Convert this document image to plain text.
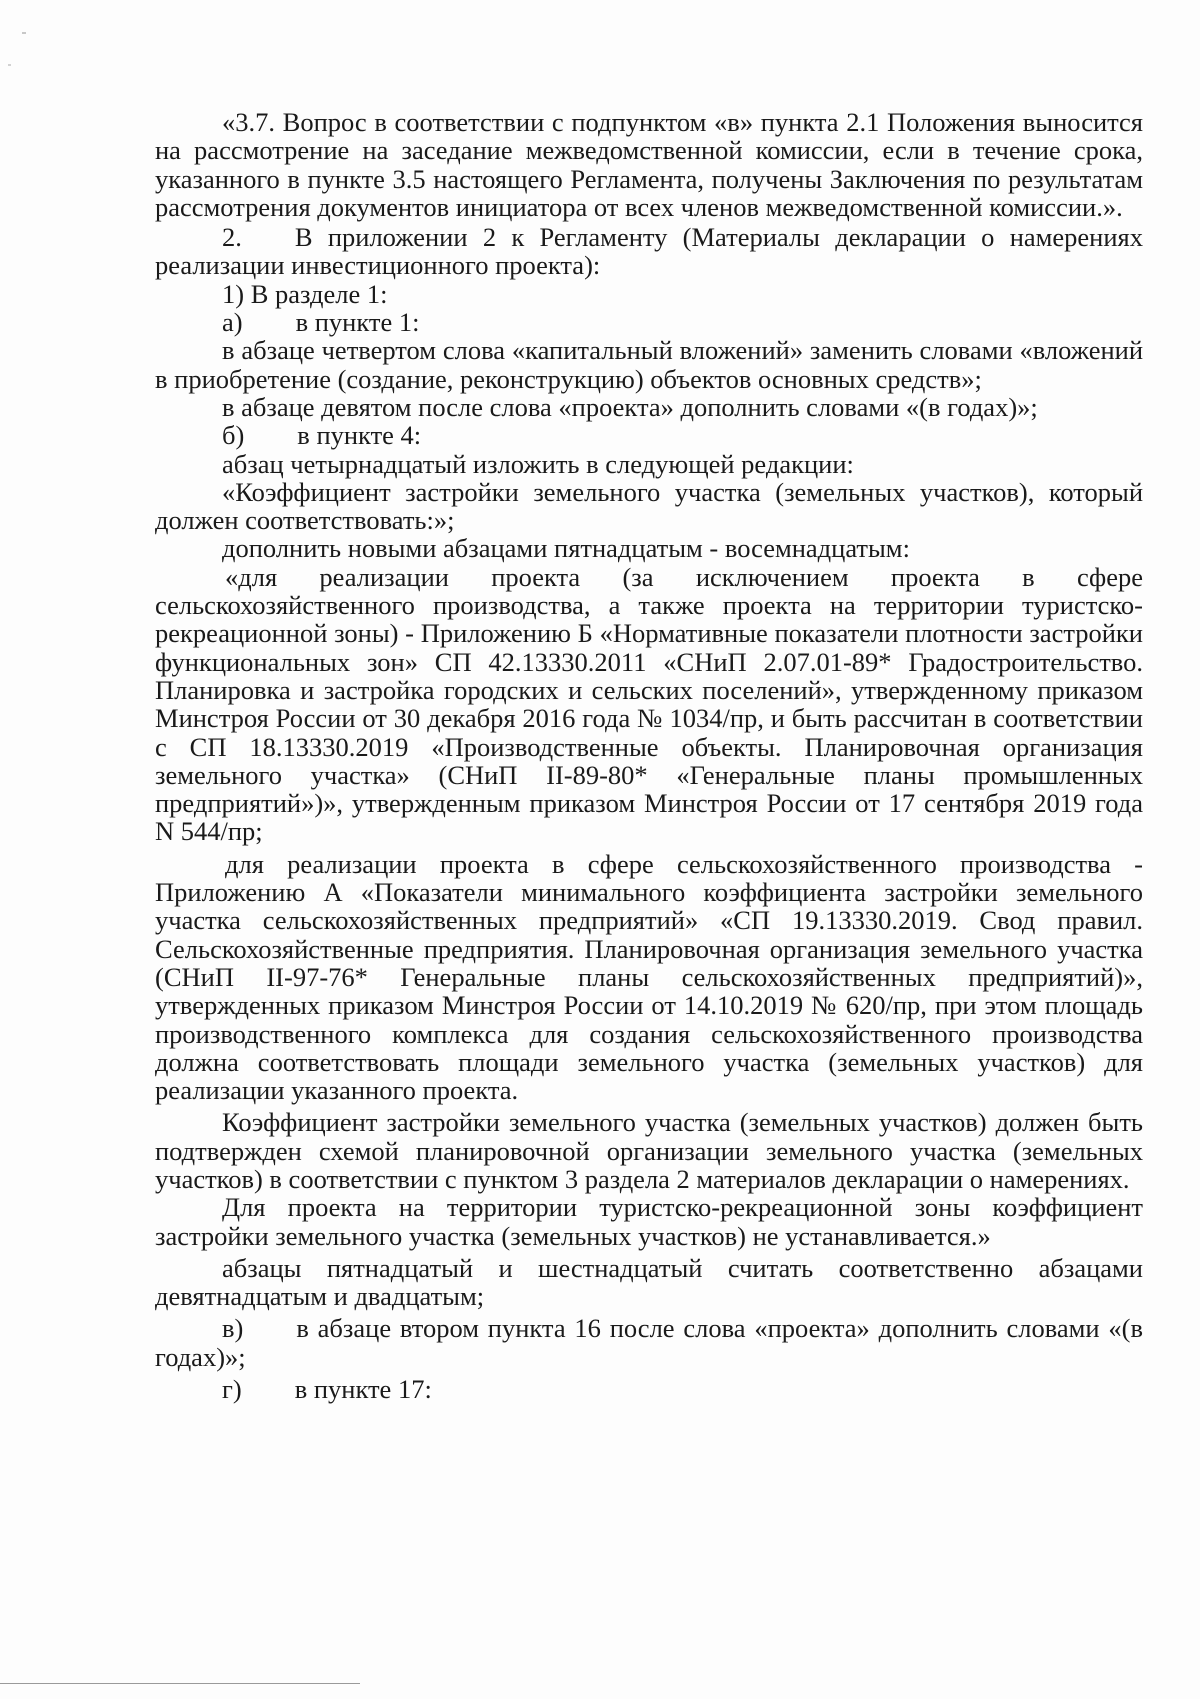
«3.7. Вопрос в соответствии с подпунктом «в» пункта 2.1 Положения выносится на рассмотрение на заседание межведомственной комиссии, если в течение срока, указанного в пункте 3.5 настоящего Регламента, получены Заключения по результатам рассмотрения документов инициатора от всех членов межведомственной комиссии.».

2.  В приложении 2 к Регламенту (Материалы декларации о намерениях реализации инвестиционного проекта):

1) В разделе 1:

а)  в пункте 1:

в абзаце четвертом слова «капитальный вложений» заменить словами «вложений в приобретение (создание, реконструкцию) объектов основных средств»;

в абзаце девятом после слова «проекта» дополнить словами «(в годах)»;

б)  в пункте 4:

абзац четырнадцатый изложить в следующей редакции:

«Коэффициент застройки земельного участка (земельных участков), который должен соответствовать:»;

дополнить новыми абзацами пятнадцатым - восемнадцатым:

«для реализации проекта (за исключением проекта в сфере сельскохозяйственного производства, а также проекта на территории туристско-рекреационной зоны) - Приложению Б «Нормативные показатели плотности застройки функциональных зон» СП 42.13330.2011 «СНиП 2.07.01-89* Градостроительство. Планировка и застройка городских и сельских поселений», утвержденному приказом Минстроя России от 30 декабря 2016 года № 1034/пр, и быть рассчитан в соответствии с СП 18.13330.2019 «Производственные объекты. Планировочная организация земельного участка» (СНиП II-89-80* «Генеральные планы промышленных предприятий»)», утвержденным приказом Минстроя России от 17 сентября 2019 года N 544/пр;

для реализации проекта в сфере сельскохозяйственного производства - Приложению А «Показатели минимального коэффициента застройки земельного участка сельскохозяйственных предприятий» «СП 19.13330.2019. Свод правил. Сельскохозяйственные предприятия. Планировочная организация земельного участка (СНиП II-97-76* Генеральные планы сельскохозяйственных предприятий)», утвержденных приказом Минстроя России от 14.10.2019 № 620/пр, при этом площадь производственного комплекса для создания сельскохозяйственного производства должна соответствовать площади земельного участка (земельных участков) для реализации указанного проекта.

Коэффициент застройки земельного участка (земельных участков) должен быть подтвержден схемой планировочной организации земельного участка (земельных участков) в соответствии с пунктом 3 раздела 2 материалов декларации о намерениях.

Для проекта на территории туристско-рекреационной зоны коэффициент застройки земельного участка (земельных участков) не устанавливается.»

абзацы пятнадцатый и шестнадцатый считать соответственно абзацами девятнадцатым и двадцатым;

в)  в абзаце втором пункта 16 после слова «проекта» дополнить словами «(в годах)»;

г)  в пункте 17:
